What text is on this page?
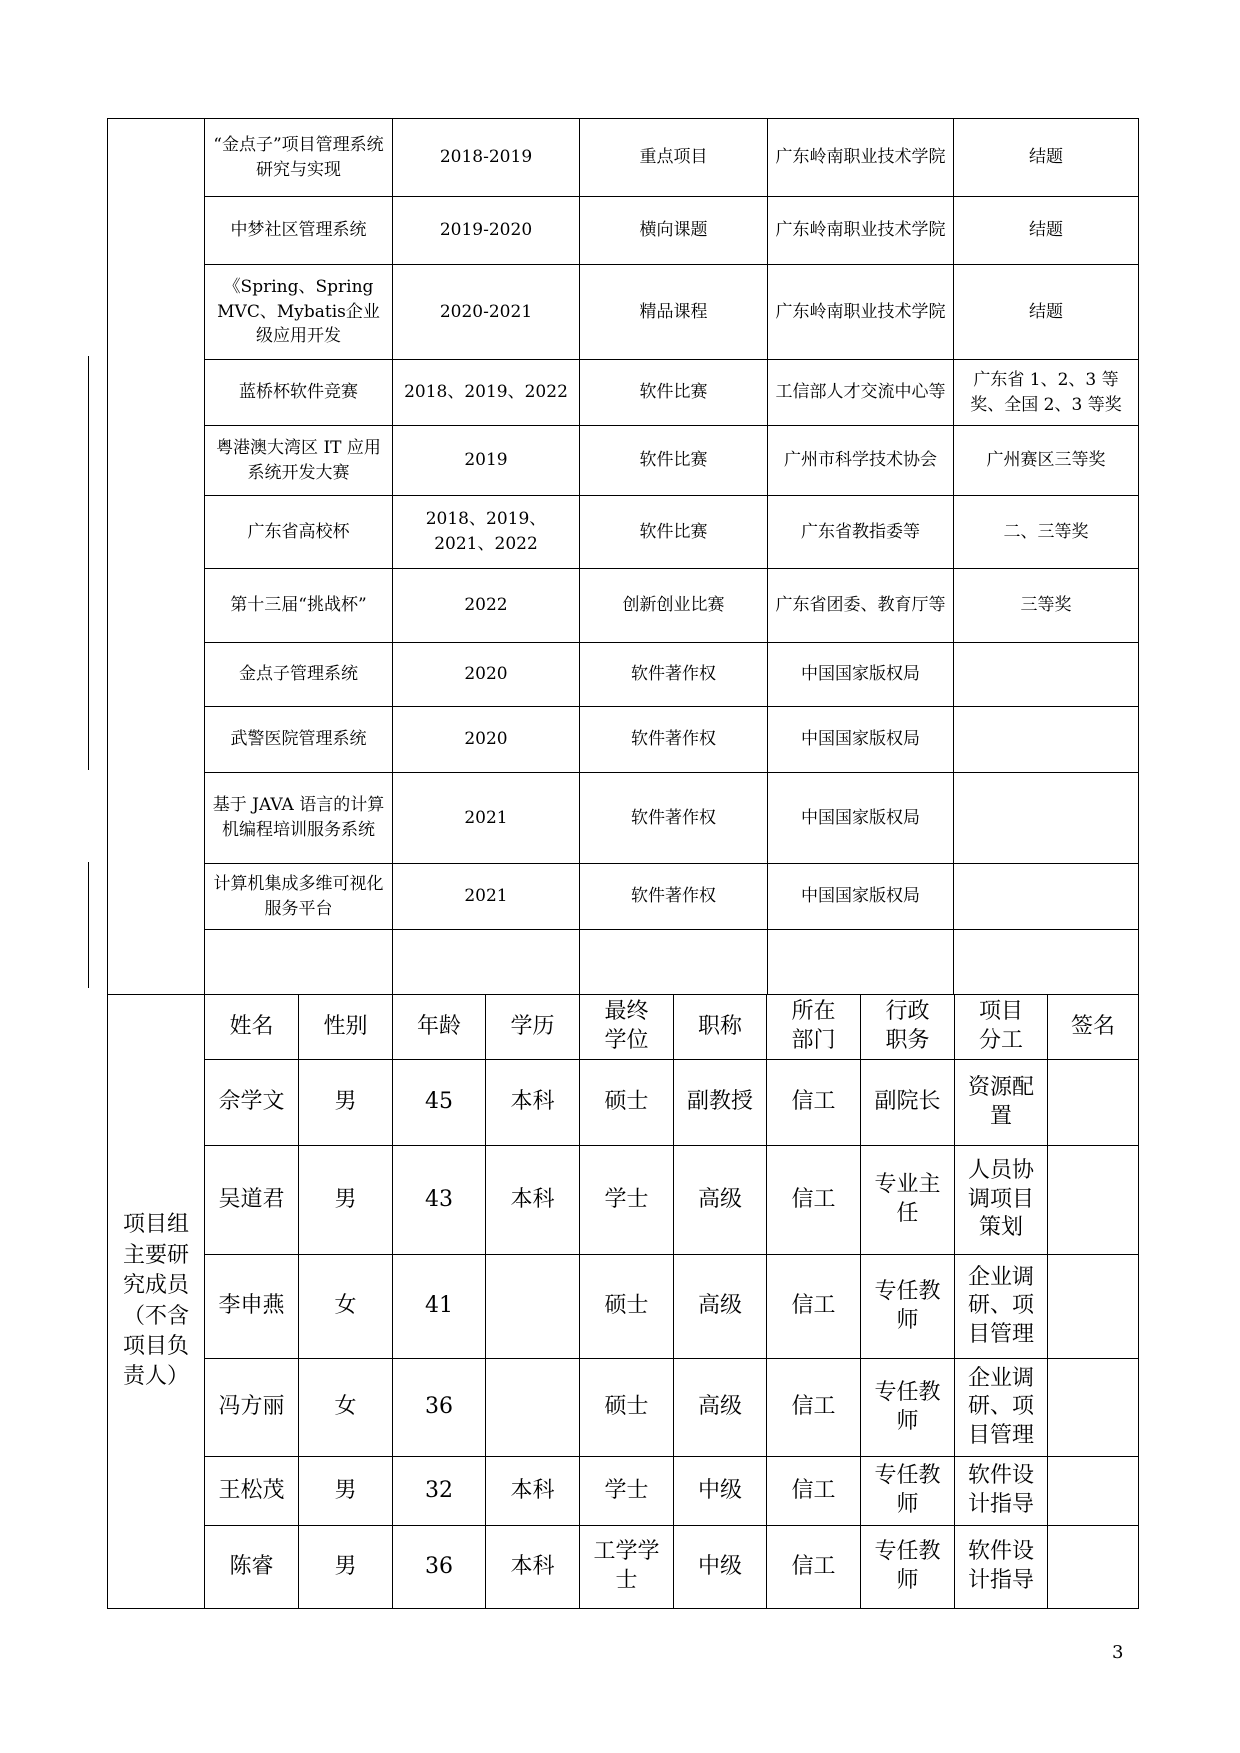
	“金点子”项目管理系统研究与实现	2018-2019	重点项目	广东岭南职业技术学院	结题
	中梦社区管理系统	2019-2020	横向课题	广东岭南职业技术学院	结题
	《Spring、Spring MVC、Mybatis企业级应用开发	2020-2021	精品课程	广东岭南职业技术学院	结题
	蓝桥杯软件竞赛	2018、2019、2022	软件比赛	工信部人才交流中心等	广东省 1、2、3 等奖、全国 2、3 等奖
	粤港澳大湾区 IT 应用系统开发大赛	2019	软件比赛	广州市科学技术协会	广州赛区三等奖
	广东省高校杯	2018、2019、2021、2022	软件比赛	广东省教指委等	二、三等奖
	第十三届“挑战杯”	2022	创新创业比赛	广东省团委、教育厅等	三等奖
	金点子管理系统	2020	软件著作权	中国国家版权局	
	武警医院管理系统	2020	软件著作权	中国国家版权局	
	基于 JAVA 语言的计算机编程培训服务系统	2021	软件著作权	中国国家版权局	
	计算机集成多维可视化服务平台	2021	软件著作权	中国国家版权局	

项目组主要研究成员（不含项目负责人）	姓名	性别	年龄	学历	最终学位	职称	所在部门	行政职务	项目分工	签名
	佘学文	男	45	本科	硕士	副教授	信工	副院长	资源配置	

	吴道君	男	43	本科	学士	高级	信工	专业主任	人员协调项目策划	

	李申燕	女	41		硕士	高级	信工	专任教师	企业调研、项目管理	

	冯方丽	女	36		硕士	高级	信工	专任教师	企业调研、项目管理	

	王松茂	男	32	本科	学士	中级	信工	专任教师	软件设计指导	

	陈睿	男	36	本科	工学学士	中级	信工	专任教师	软件设计指导	

3
